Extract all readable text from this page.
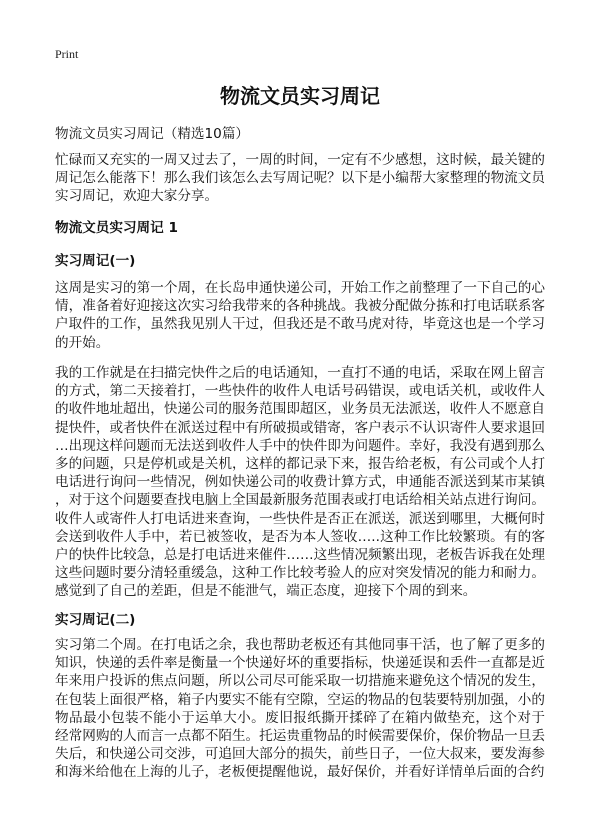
Print
物流文员实习周记
物流文员实习周记（精选10篇）
忙碌而又充实的一周又过去了，一周的时间，一定有不少感想，这时候，最关键的
周记怎么能落下！那么我们该怎么去写周记呢？以下是小编帮大家整理的物流文员
实习周记，欢迎大家分享。
物流文员实习周记 1
实习周记(一)
这周是实习的第一个周，在长岛申通快递公司，开始工作之前整理了一下自己的心
情，准备着好迎接这次实习给我带来的各种挑战。我被分配做分拣和打电话联系客
户取件的工作，虽然我见别人干过，但我还是不敢马虎对待，毕竟这也是一个学习
的开始。
我的工作就是在扫描完快件之后的电话通知，一直打不通的电话，采取在网上留言
的方式，第二天接着打，一些快件的收件人电话号码错误，或电话关机，或收件人
的收件地址超出，快递公司的服务范围即超区，业务员无法派送，收件人不愿意自
提快件，或者快件在派送过程中有所破损或错寄，客户表示不认识寄件人要求退回
…出现这样问题而无法送到收件人手中的快件即为问题件。幸好，我没有遇到那么
多的问题，只是停机或是关机，这样的都记录下来，报告给老板，有公司或个人打
电话进行询问一些情况，例如快递公司的收费计算方式，申通能否派送到某市某镇
，对于这个问题要查找电脑上全国最新服务范围表或打电话给相关站点进行询问。
收件人或寄件人打电话进来查询，一些快件是否正在派送，派送到哪里，大概何时
会送到收件人手中，若已被签收，是否为本人签收…..这种工作比较繁琐。有的客
户的快件比较急，总是打电话进来催件……这些情况频繁出现，老板告诉我在处理
这些问题时要分清轻重缓急，这种工作比较考验人的应对突发情况的能力和耐力。
感觉到了自己的差距，但是不能泄气，端正态度，迎接下个周的到来。
实习周记(二)
实习第二个周。在打电话之余，我也帮助老板还有其他同事干活，也了解了更多的
知识，快递的丢件率是衡量一个快递好坏的重要指标，快递延误和丢件一直都是近
年来用户投诉的焦点问题，所以公司尽可能采取一切措施来避免这个情况的发生，
在包装上面很严格，箱子内要实不能有空隙，空运的物品的包装要特别加强，小的
物品最小包装不能小于运单大小。废旧报纸撕开揉碎了在箱内做垫充，这个对于
经常网购的人而言一点都不陌生。托运贵重物品的时候需要保价，保价物品一旦丢
失后，和快递公司交涉，可追回大部分的损失，前些日子，一位大叔来，要发海参
和海米给他在上海的儿子，老板便提醒他说，最好保价，并看好详情单后面的合约
